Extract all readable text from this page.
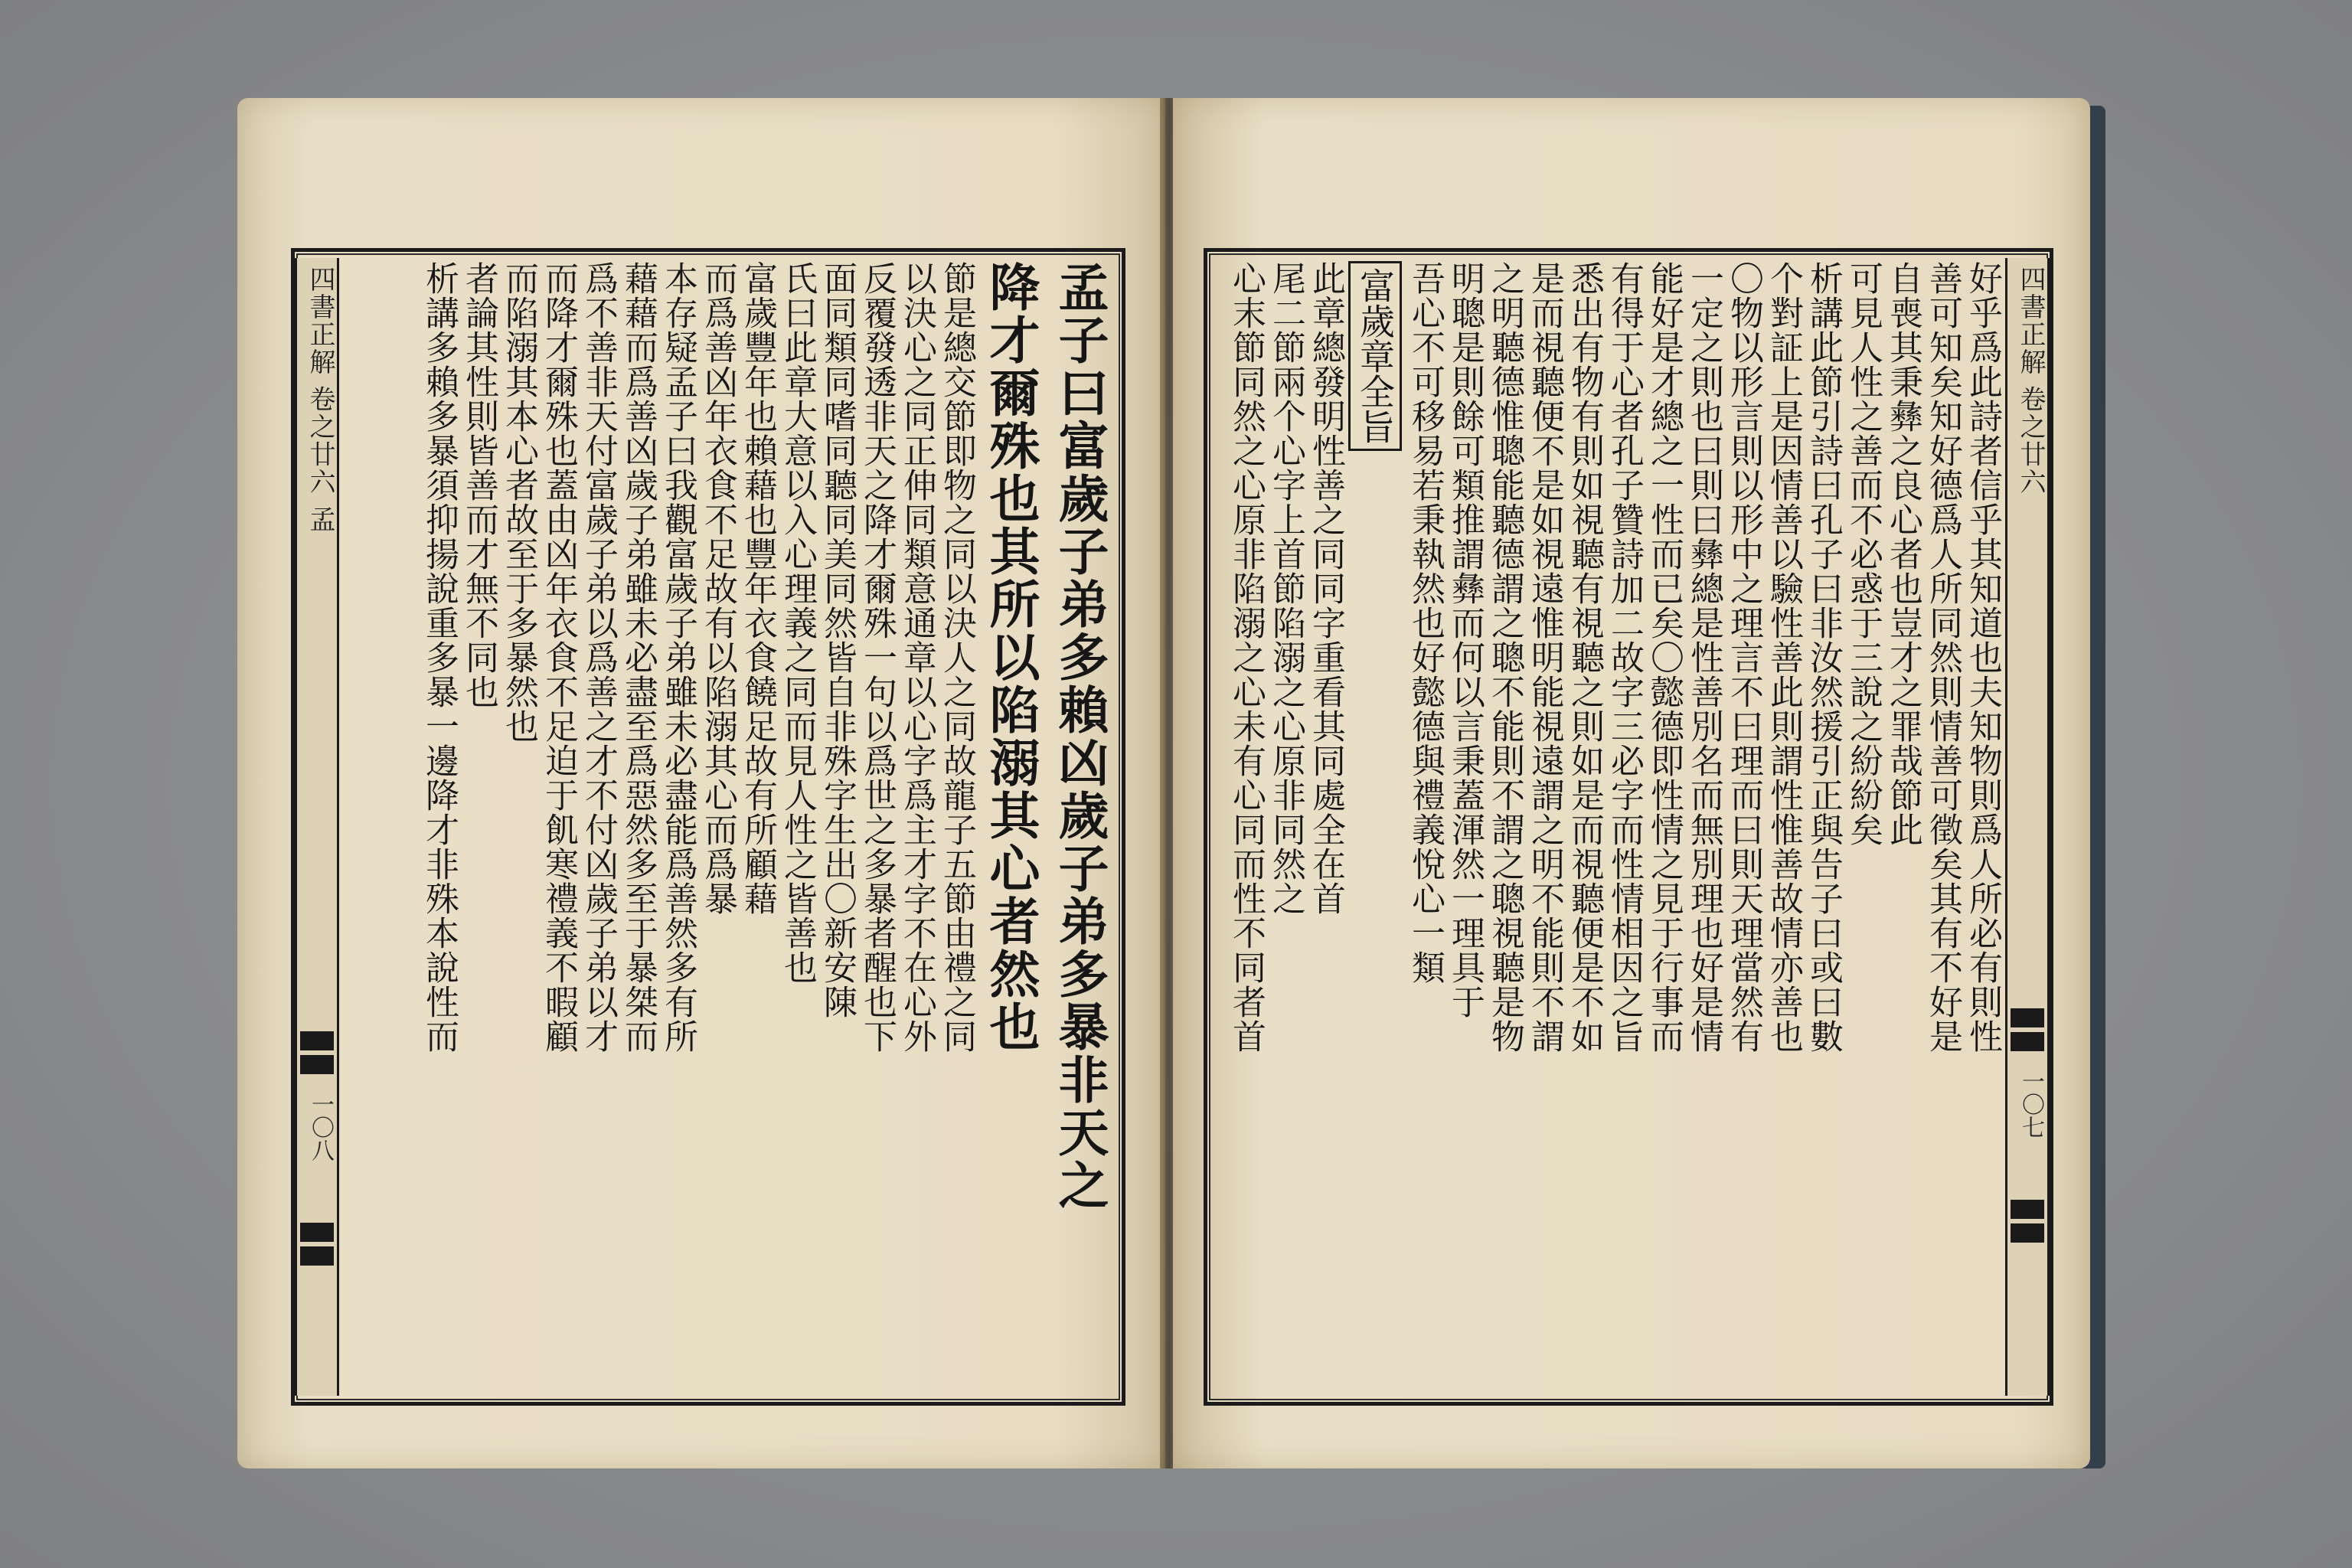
四書正解 卷之廿六 孟
一〇八	孟子曰富歲子弟多賴凶歲子弟多暴非天之
降才爾殊也其所以陷溺其心者然也
節是總交節即物之同以決人之同故龍子五節由禮之同
以決心之同正伸同類意通章以心字爲主才字不在心外
反覆發透非天之降才爾殊一句以爲世之多暴者醒也下
面同類同嗜同聽同美同然皆自非殊字生出〇新安陳
氏曰此章大意以入心理義之同而見人性之皆善也
富歲豐年也賴藉也豐年衣食饒足故有所顧藉
而爲善凶年衣食不足故有以陷溺其心而爲暴
本存疑孟子曰我觀富歲子弟雖未必盡能爲善然多有所
藉藉而爲善凶歲子弟雖未必盡至爲惡然多至于暴桀而
爲不善非天付富歲子弟以爲善之才不付凶歲子弟以才
而降才爾殊也蓋由凶年衣食不足迫于飢寒禮義不暇顧
而陷溺其本心者故至于多暴然也
者論其性則皆善而才無不同也
析講多賴多暴須抑揚說重多暴一邊降才非殊本說性而	四書正解 卷之廿六
一〇七
好乎爲此詩者信乎其知道也夫知物則爲人所必有則性
善可知矣知好德爲人所同然則情善可徵矣其有不好是
自喪其秉彝之良心者也豈才之罪哉節此
可見人性之善而不必惑于三說之紛紛矣
析講此節引詩曰孔子曰非汝然援引正與告子曰或曰數
个對証上是因情善以驗性善此則謂性惟善故情亦善也
〇物以形言則以形中之理言不曰理而曰則天理當然有
一定之則也曰則曰彝總是性善別名而無別理也好是情
能好是才總之一性而已矣〇懿德即性情之見于行事而
有得于心者孔子贊詩加二故字三必字而性情相因之旨
悉出有物有則如視聽有視聽之則如是而視聽便是不如
是而視聽便不是如視遠惟明能視遠謂之明不能則不謂
之明聽德惟聰能聽德謂之聰不能則不謂之聰視聽是物
明聰是則餘可類推謂彝而何以言秉蓋渾然一理具于
吾心不可移易若秉執然也好懿德與禮義悅心一類
富歲章全旨
此章總發明性善之同同字重看其同處全在首
尾二節兩个心字上首節陷溺之心原非同然之
心末節同然之心原非陷溺之心未有心同而性不同者首
